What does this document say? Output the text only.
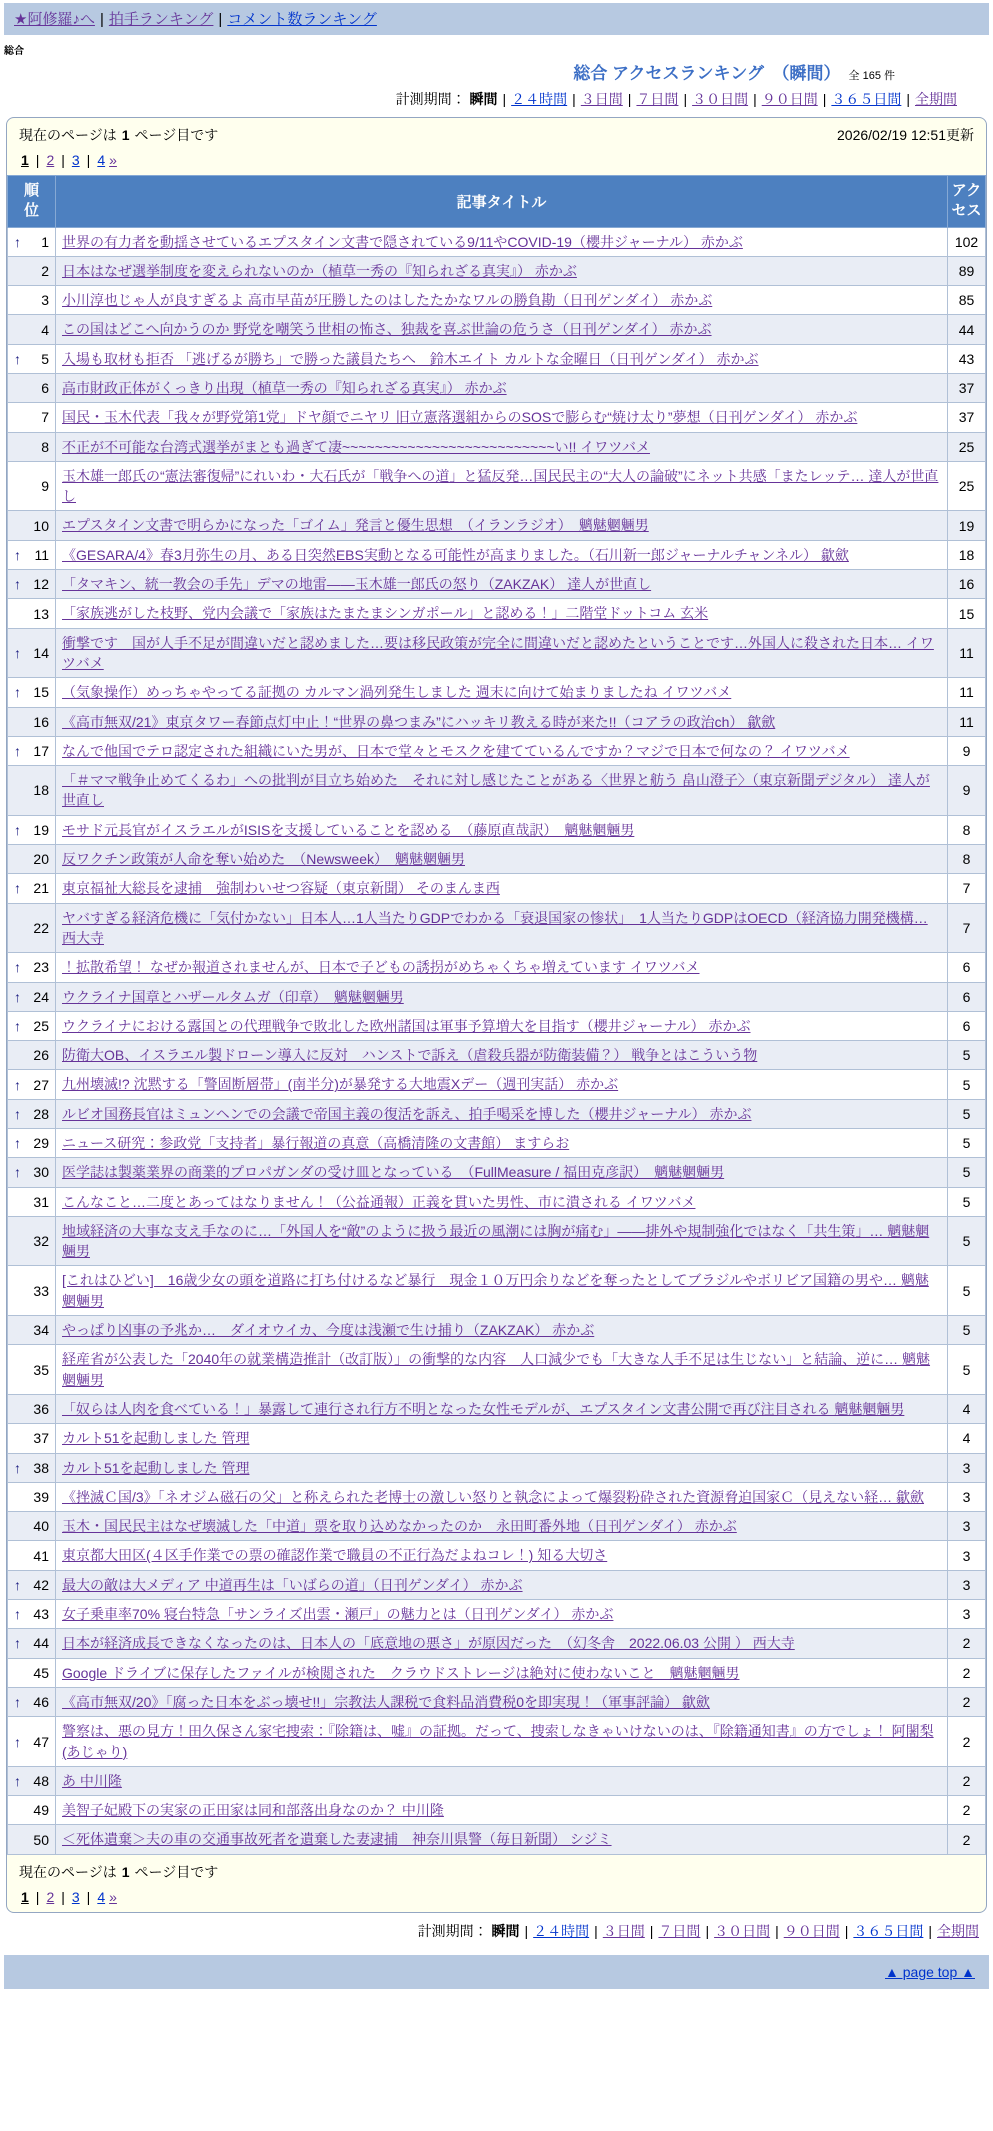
★阿修羅♪へ | 拍手ランキング | コメント数ランキング
総合
総合 アクセスランキング　（瞬間） 全 165 件
計測期間： 瞬間 | ２４時間 | ３日間 | ７日間 | ３０日間 | ９０日間 | ３６５日間 | 全期間
現在のページは 1 ページ目です	2026/02/19 12:51更新
1 | 2 | 3 | 4 »
順位	記事タイトル	アクセス

↑ 1	世界の有力者を動揺させているエプスタイン文書で隠されている9/11やCOVID-19（櫻井ジャーナル） 赤かぶ	102

2	日本はなぜ選挙制度を変えられないのか（植草一秀の『知られざる真実』） 赤かぶ	89

3	小川淳也じゃ人が良すぎるよ 高市早苗が圧勝したのはしたたかなワルの勝負勘（日刊ゲンダイ） 赤かぶ	85

4	この国はどこへ向かうのか 野党を嘲笑う世相の怖さ、独裁を喜ぶ世論の危うさ（日刊ゲンダイ） 赤かぶ	44

↑ 5	入場も取材も拒否 「逃げるが勝ち」で勝った議員たちへ　鈴木エイト カルトな金曜日（日刊ゲンダイ） 赤かぶ	43

6	高市財政正体がくっきり出現（植草一秀の『知られざる真実』） 赤かぶ	37

7	国民・玉木代表「我々が野党第1党」ドヤ顔でニヤリ 旧立憲落選組からのSOSで膨らむ“焼け太り”夢想（日刊ゲンダイ） 赤かぶ	37

8	不正が不可能な台湾式選挙がまとも過ぎて凄~~~~~~~~~~~~~~~~~~~~~~~~~~い!! イワツバメ	25

9	玉木雄一郎氏の“憲法審復帰”にれいわ・大石氏が「戦争への道」と猛反発…国民民主の“大人の論破”にネット共感「またレッテ… 達人が世直し	25

10	エプスタイン文書で明らかになった「ゴイム」発言と優生思想　（イランラジオ）　魑魅魍魎男	19

↑ 11	《GESARA/4》春3月弥生の月、ある日突然EBS実動となる可能性が高まりました。（石川新一郎ジャーナルチャンネル） 歙歛	18

↑ 12	「タマキン、統一教会の手先」デマの地雷――玉木雄一郎氏の怒り（ZAKZAK） 達人が世直し	16

13	「家族逃がした枝野、党内会議で「家族はたまたまシンガポール」と認める！」二階堂ドットコム 玄米	15

↑ 14	衝撃です　国が人手不足が間違いだと認めました…要は移民政策が完全に間違いだと認めたということです…外国人に殺された日本… イワツバメ	11

↑ 15	（気象操作）めっちゃやってる証拠の カルマン渦列発生しました 週末に向けて始まりましたね イワツバメ	11

16	《高市無双/21》東京タワー春節点灯中止！“世界の鼻つまみ”にハッキリ教える時が来た!!（コアラの政治ch） 歙歛	11

↑ 17	なんで他国でテロ認定された組織にいた男が、日本で堂々とモスクを建てているんですか？マジで日本で何なの？ イワツバメ	9

18	「＃ママ戦争止めてくるわ」への批判が目立ち始めた　それに対し感じたことがある〈世界と舫う 畠山澄子〉（東京新聞デジタル） 達人が世直し	9

↑ 19	モサド元長官がイスラエルがISISを支援していることを認める　（藤原直哉訳）　魑魅魍魎男	8

20	反ワクチン政策が人命を奪い始めた　（Newsweek）　魑魅魍魎男	8

↑ 21	東京福祉大総長を逮捕　強制わいせつ容疑（東京新聞） そのまんま西	7

22	ヤバすぎる経済危機に「気付かない」日本人…1人当たりGDPでわかる「衰退国家の惨状」　1人当たりGDPはOECD（経済協力開発機構… 西大寺	7

↑ 23	！拡散希望！ なぜか報道されませんが、日本で子どもの誘拐がめちゃくちゃ増えています イワツバメ	6

↑ 24	ウクライナ国章とハザールタムガ（印章）　魑魅魍魎男	6

↑ 25	ウクライナにおける露国との代理戦争で敗北した欧州諸国は軍事予算増大を目指す（櫻井ジャーナル） 赤かぶ	6

26	防衛大OB、イスラエル製ドローン導入に反対　ハンストで訴え（虐殺兵器が防衛装備？） 戦争とはこういう物	5

↑ 27	九州壊滅!? 沈黙する「警固断層帯」(南半分)が暴発する大地震Xデー（週刊実話） 赤かぶ	5

↑ 28	ルビオ国務長官はミュンヘンでの会議で帝国主義の復活を訴え、拍手喝采を博した（櫻井ジャーナル） 赤かぶ	5

↑ 29	ニュース研究：参政党「支持者」暴行報道の真意（高橋清隆の文書館） ますらお	5

↑ 30	医学誌は製薬業界の商業的プロパガンダの受け皿となっている　（FullMeasure / 福田克彦訳）　魑魅魍魎男	5

31	こんなこと…二度とあってはなりません！（公益通報）正義を貫いた男性、市に潰される イワツバメ	5

32	地域経済の大事な支え手なのに…「外国人を“敵”のように扱う最近の風潮には胸が痛む」――排外や規制強化ではなく「共生策」… 魑魅魍魎男	5

33	[これはひどい]　16歳少女の頭を道路に打ち付けるなど暴行　現金１０万円余りなどを奪ったとしてブラジルやボリビア国籍の男や… 魑魅魍魎男	5

34	やっぱり凶事の予兆か…　ダイオウイカ、今度は浅瀬で生け捕り（ZAKZAK） 赤かぶ	5

35	経産省が公表した「2040年の就業構造推計（改訂版）」の衝撃的な内容　人口減少でも「大きな人手不足は生じない」と結論、逆に… 魑魅魍魎男	5

36	「奴らは人肉を食べている！」暴露して連行され行方不明となった女性モデルが、エプスタイン文書公開で再び注目される 魑魅魍魎男	4

37	カルト51を起動しました 管理	4

↑ 38	カルト51を起動しました 管理	3

39	《挫滅Ｃ国/3》「ネオジム磁石の父」と称えられた老博士の激しい怒りと執念によって爆裂粉砕された資源脅迫国家Ｃ（見えない経… 歙歛	3

40	玉木・国民民主はなぜ壊滅した「中道」票を取り込めなかったのか　永田町番外地（日刊ゲンダイ） 赤かぶ	3

41	東京都大田区(４区手作業での票の確認作業で職員の不正行為だよねコレ！) 知る大切さ	3

↑ 42	最大の敵は大メディア 中道再生は「いばらの道」（日刊ゲンダイ） 赤かぶ	3

↑ 43	女子乗車率70% 寝台特急「サンライズ出雲・瀬戸」の魅力とは（日刊ゲンダイ） 赤かぶ	3

↑ 44	日本が経済成長できなくなったのは、日本人の「底意地の悪さ」が原因だった　（幻冬舎　2022.06.03 公開 ） 西大寺	2

45	Google ドライブに保存したファイルが検閲された　クラウドストレージは絶対に使わないこと　魑魅魍魎男	2

↑ 46	《高市無双/20》「腐った日本をぶっ壊せ!!」宗教法人課税で食料品消費税0を即実現！（軍事評論） 歙歛	2

↑ 47	警察は、悪の見方！田久保さん家宅捜索：『除籍は、嘘』の証拠。だって、捜索しなきゃいけないのは、『除籍通知書』の方でしょ！ 阿闍梨(あじゃり)	2

↑ 48	あ 中川隆	2

49	美智子妃殿下の実家の正田家は同和部落出身なのか？ 中川隆	2

50	＜死体遺棄＞夫の車の交通事故死者を遺棄した妻逮捕　神奈川県警（毎日新聞） シジミ	2
現在のページは 1 ページ目です
1 | 2 | 3 | 4 »
計測期間： 瞬間 | ２４時間 | ３日間 | ７日間 | ３０日間 | ９０日間 | ３６５日間 | 全期間
▲ page top ▲
